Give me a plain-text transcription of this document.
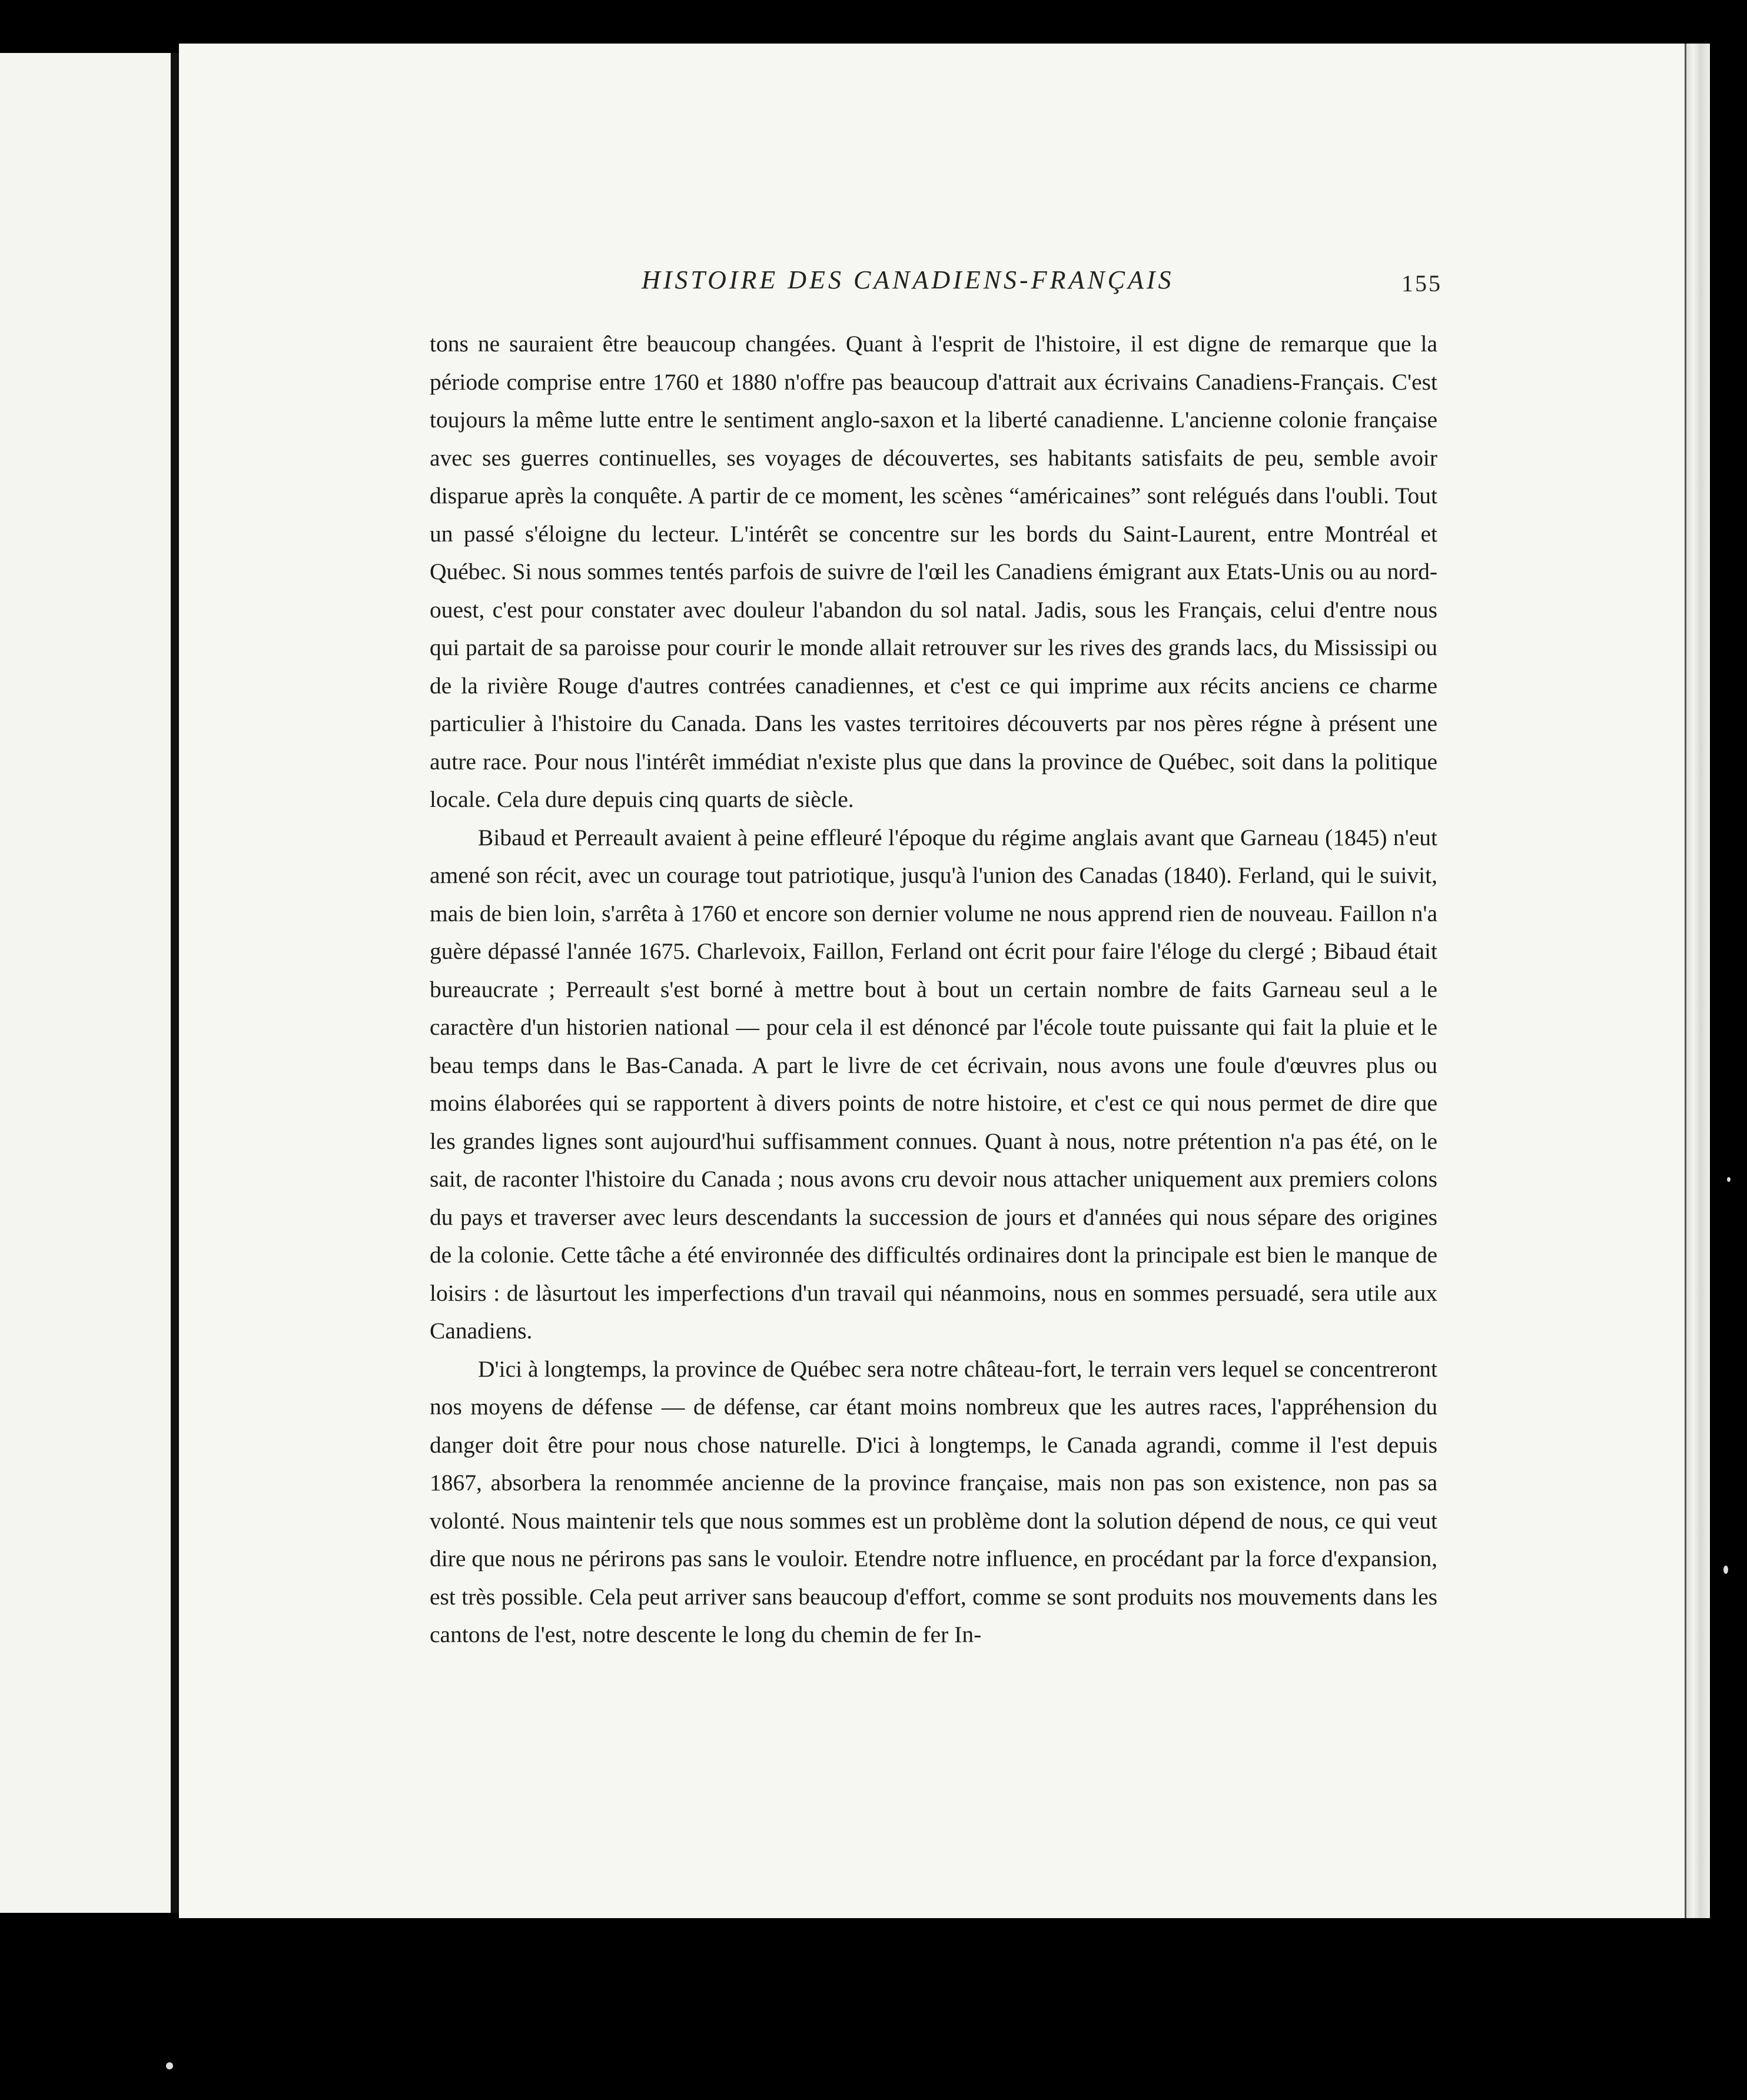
HISTOIRE DES CANADIENS-FRANÇAIS	155

tons ne sauraient être beaucoup changées. Quant à l'esprit de l'histoire, il est digne de remarque que la période comprise entre 1760 et 1880 n'offre pas beaucoup d'attrait aux écrivains Canadiens-Français. C'est toujours la même lutte entre le sentiment anglo-saxon et la liberté canadienne. L'ancienne colonie française avec ses guerres continuelles, ses voyages de découvertes, ses habitants satisfaits de peu, semble avoir disparue après la conquête. A partir de ce moment, les scènes “américaines” sont relégués dans l'oubli. Tout un passé s'éloigne du lecteur. L'intérêt se concentre sur les bords du Saint-Laurent, entre Montréal et Québec. Si nous sommes tentés parfois de suivre de l'œil les Canadiens émigrant aux Etats-Unis ou au nord-ouest, c'est pour constater avec douleur l'abandon du sol natal. Jadis, sous les Français, celui d'entre nous qui partait de sa paroisse pour courir le monde allait retrouver sur les rives des grands lacs, du Mississipi ou de la rivière Rouge d'autres contrées canadiennes, et c'est ce qui imprime aux récits anciens ce charme particulier à l'histoire du Canada. Dans les vastes territoires découverts par nos pères régne à présent une autre race. Pour nous l'intérêt immédiat n'existe plus que dans la province de Québec, soit dans la politique locale. Cela dure depuis cinq quarts de siècle.

Bibaud et Perreault avaient à peine effleuré l'époque du régime anglais avant que Garneau (1845) n'eut amené son récit, avec un courage tout patriotique, jusqu'à l'union des Canadas (1840). Ferland, qui le suivit, mais de bien loin, s'arrêta à 1760 et encore son dernier volume ne nous apprend rien de nouveau. Faillon n'a guère dépassé l'année 1675. Charlevoix, Faillon, Ferland ont écrit pour faire l'éloge du clergé ; Bibaud était bureaucrate ; Perreault s'est borné à mettre bout à bout un certain nombre de faits Garneau seul a le caractère d'un historien national — pour cela il est dénoncé par l'école toute puissante qui fait la pluie et le beau temps dans le Bas-Canada. A part le livre de cet écrivain, nous avons une foule d'œuvres plus ou moins élaborées qui se rapportent à divers points de notre histoire, et c'est ce qui nous permet de dire que les grandes lignes sont aujourd'hui suffisamment connues. Quant à nous, notre prétention n'a pas été, on le sait, de raconter l'histoire du Canada ; nous avons cru devoir nous attacher uniquement aux premiers colons du pays et traverser avec leurs descendants la succession de jours et d'années qui nous sépare des origines de la colonie. Cette tâche a été environnée des difficultés ordinaires dont la principale est bien le manque de loisirs : de làsurtout les imperfections d'un travail qui néanmoins, nous en sommes persuadé, sera utile aux Canadiens.

D'ici à longtemps, la province de Québec sera notre château-fort, le terrain vers lequel se concentreront nos moyens de défense — de défense, car étant moins nombreux que les autres races, l'appréhension du danger doit être pour nous chose naturelle. D'ici à longtemps, le Canada agrandi, comme il l'est depuis 1867, absorbera la renommée ancienne de la province française, mais non pas son existence, non pas sa volonté. Nous maintenir tels que nous sommes est un problème dont la solution dépend de nous, ce qui veut dire que nous ne périrons pas sans le vouloir. Etendre notre influence, en procédant par la force d'expansion, est très possible. Cela peut arriver sans beaucoup d'effort, comme se sont produits nos mouvements dans les cantons de l'est, notre descente le long du chemin de fer In-
